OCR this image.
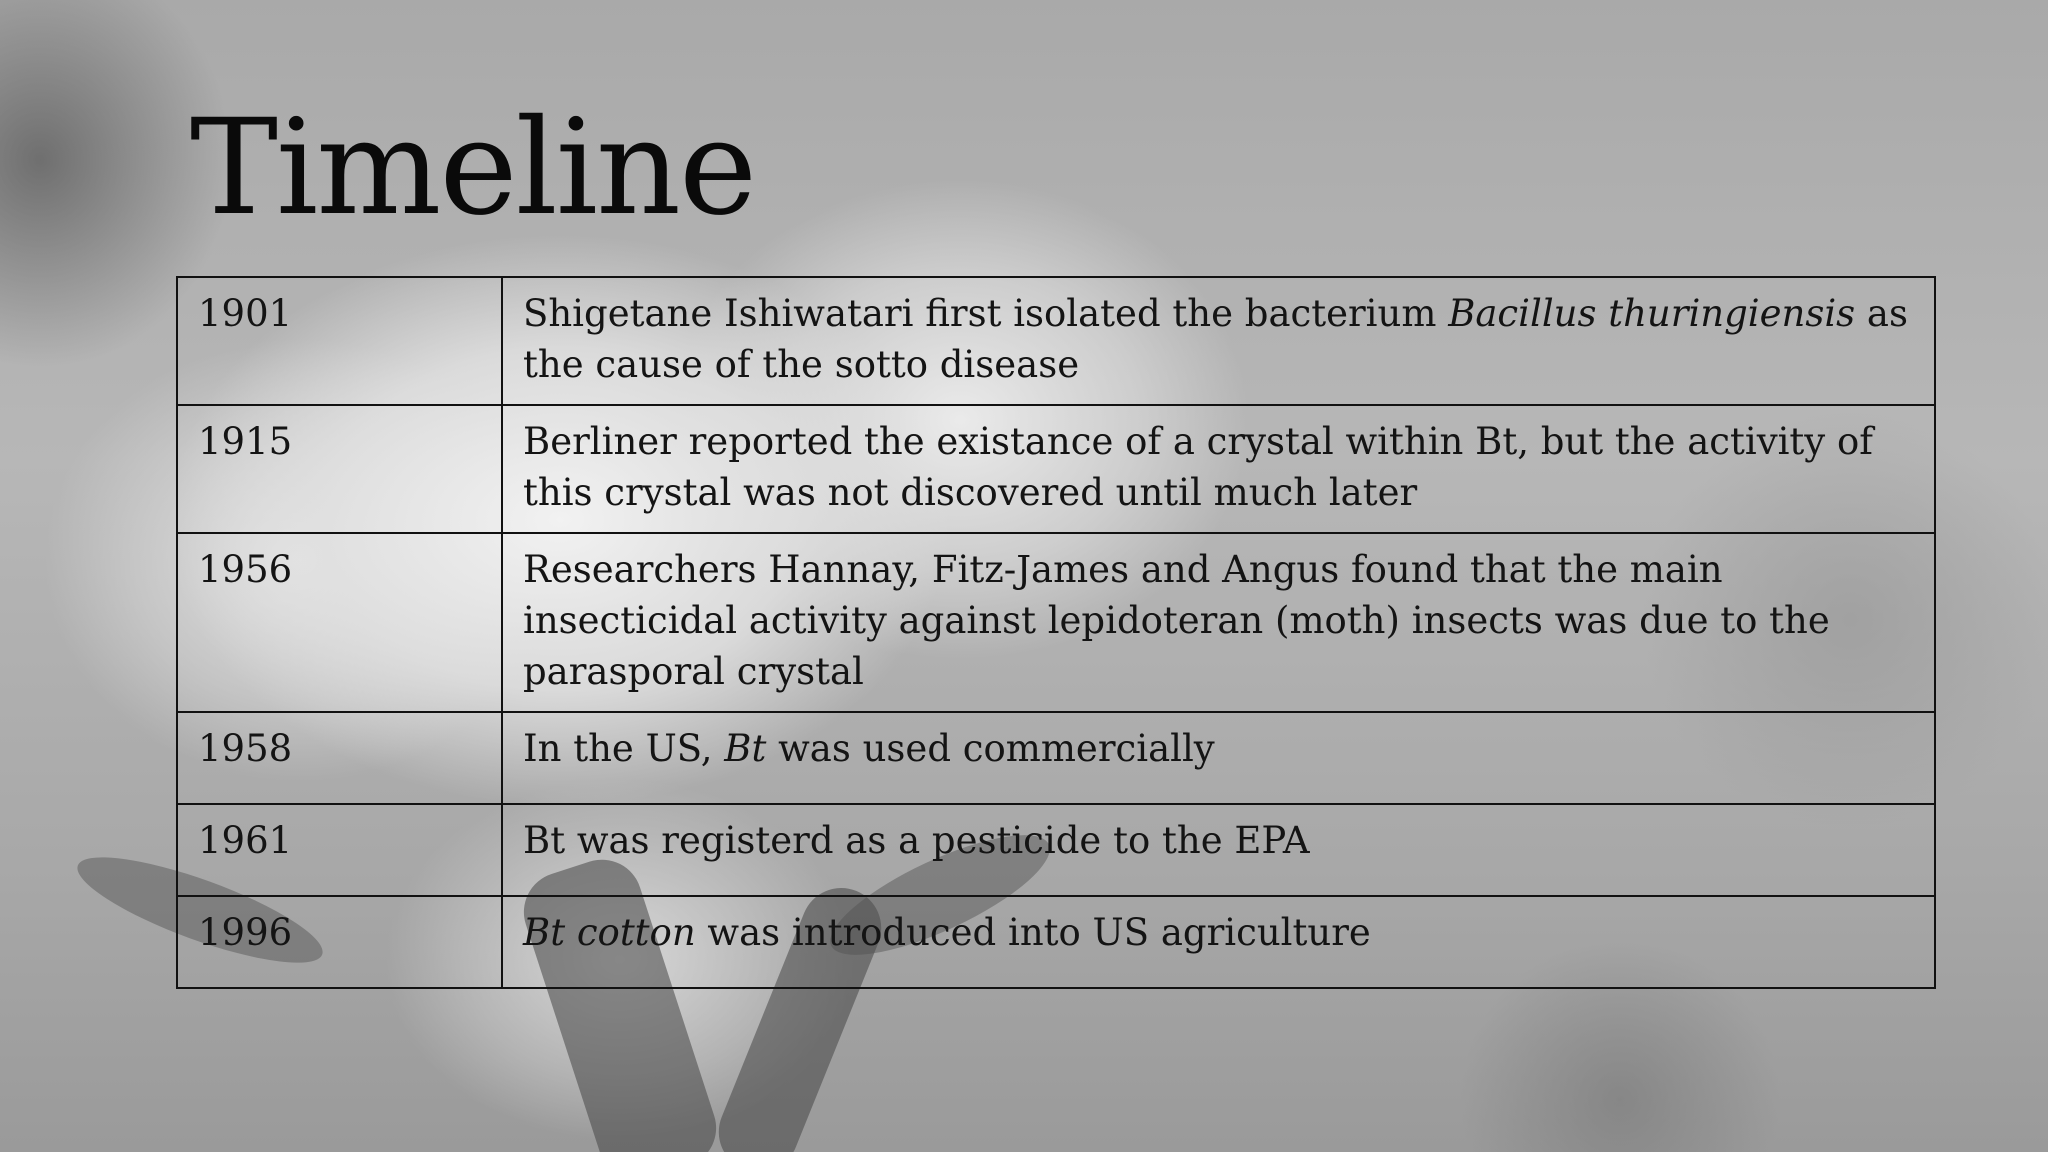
Timeline
1901	Shigetane Ishiwatari first isolated the bacterium Bacillus thuringiensis as the cause of the sotto disease
1915	Berliner reported the existance of a crystal within Bt, but the activity of this crystal was not discovered until much later
1956	Researchers Hannay, Fitz-James and Angus found that the main insecticidal activity against lepidoteran (moth) insects was due to the parasporal crystal
1958	In the US, Bt was used commercially
1961	Bt was registerd as a pesticide to the EPA
1996	Bt cotton was introduced into US agriculture
